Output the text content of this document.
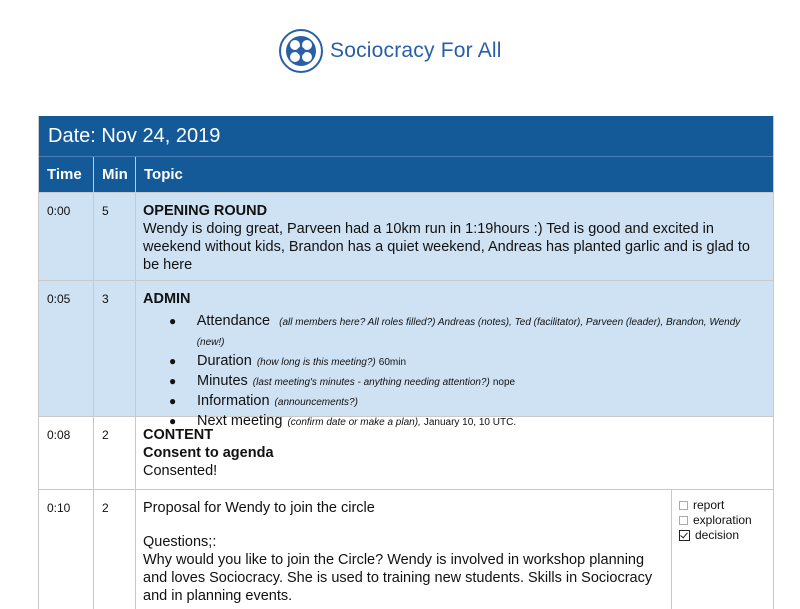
Sociocracy For All
Date: Nov 24, 2019
Time	Min	Topic
0:00	5	OPENING ROUND
Wendy is doing great, Parveen had a 10km run in 1:19hours :) Ted is good and excited in weekend without kids, Brandon has a quiet weekend, Andreas has planted garlic and is glad to be here
0:05	3	ADMIN
●	Attendance (all members here? All roles filled?) Andreas (notes), Ted (facilitator), Parveen (leader), Brandon, Wendy (new!)
●	Duration (how long is this meeting?) 60min
●	Minutes (last meeting's minutes - anything needing attention?) nope
●	Information (announcements?)
●	Next meeting (confirm date or make a plan), January 10, 10 UTC.
0:08	2	CONTENT
Consent to agenda
Consented!
0:10	2	Proposal for Wendy to join the circle
Questions;:
Why would you like to join the Circle? Wendy is involved in workshop planning and loves Sociocracy. She is used to training new students. Skills in Sociocracy and in planning events.
report
exploration
decision
